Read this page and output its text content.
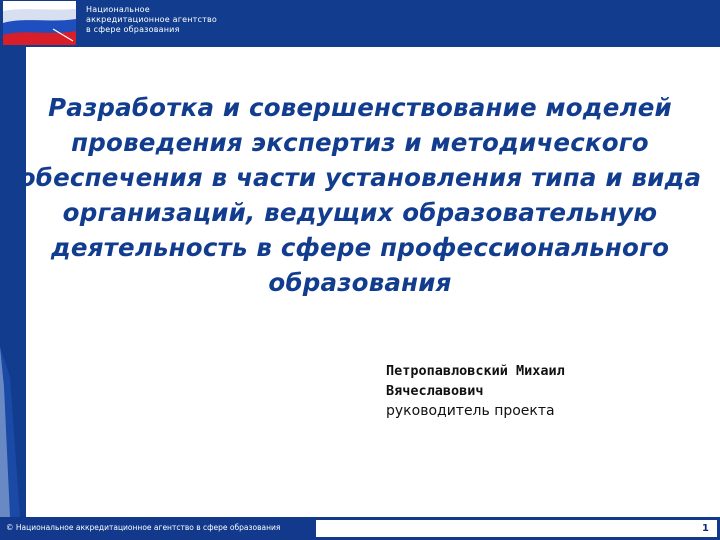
Национальное
аккредитационное агентство
в сфере образования

Разработка и совершенствование моделей проведения экспертиз и методического обеспечения в части установления типа и вида организаций, ведущих образовательную деятельность в сфере профессионального образования

Петропавловский Михаил
Вячеславович

руководитель проекта

© Национальное аккредитационное агентство в сфере образования	1
